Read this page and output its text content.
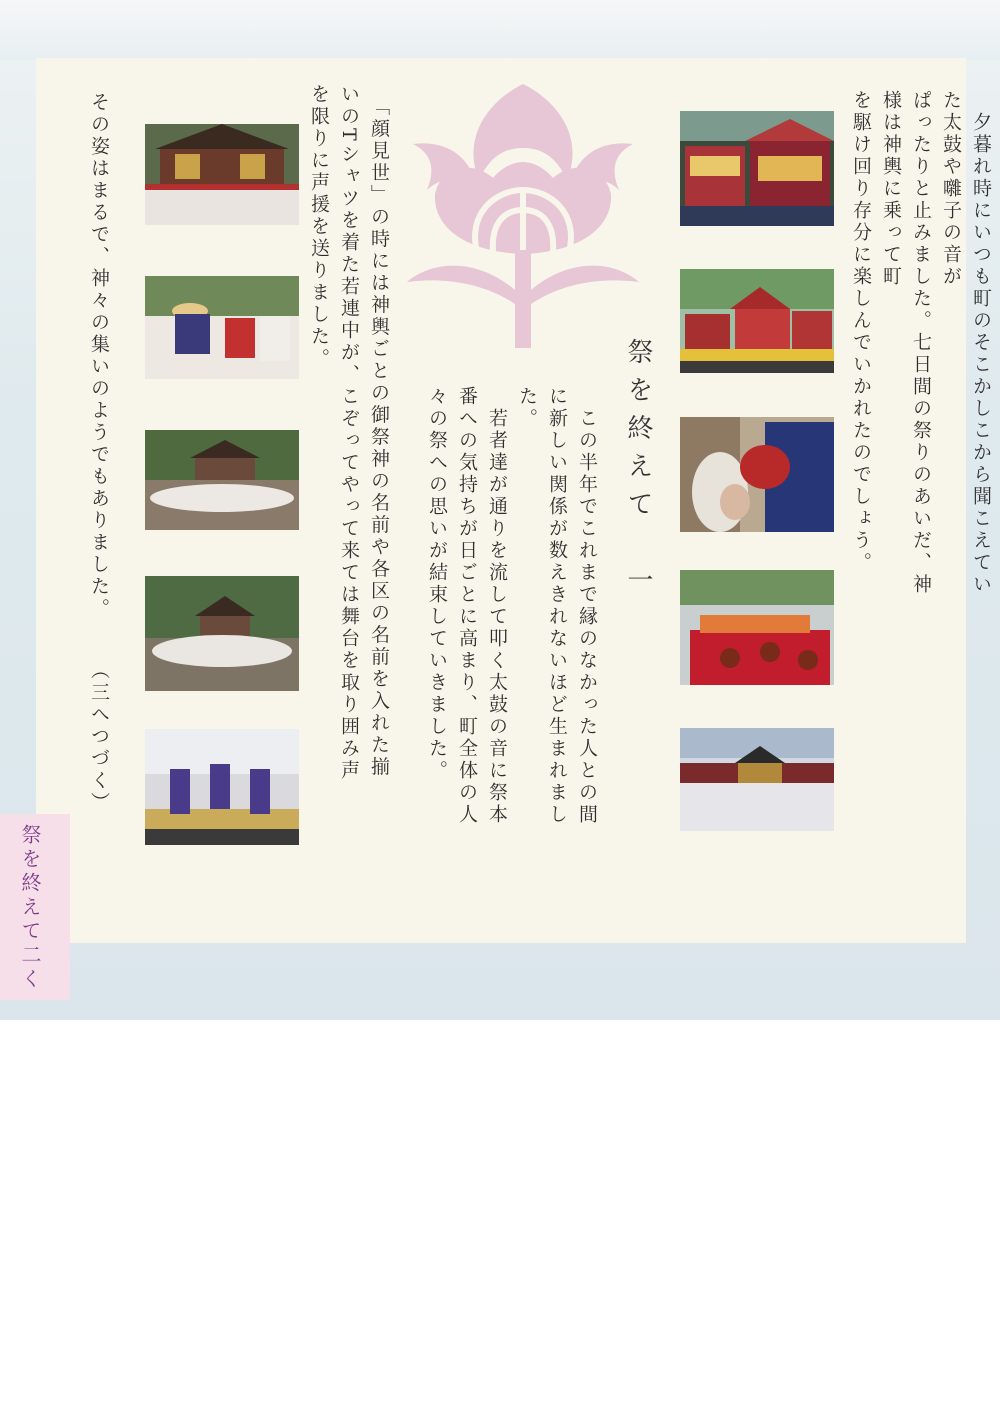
　夕暮れ時にいつも町のそこかしこから聞こえていた太鼓や囃子の音が
ぱったりと止みました。七日間の祭りのあいだ、神様は神輿に乗って町
を駆け回り存分に楽しんでいかれたのでしょう。
祭を終えて　一
　この半年でこれまで縁のなかった人との間
に新しい関係が数えきれないほど生まれまし
た。
　若者達が通りを流して叩く太鼓の音に祭本
番への気持ちが日ごとに高まり、町全体の人
々の祭への思いが結束していきました。
　「顔見世」の時には神輿ごとの御祭神の名前や各区の名前を入れた揃
いのTシャツを着た若連中が、こぞってやって来ては舞台を取り囲み声
を限りに声援を送りました。
その姿はまるで、神々の集いのようでもありました。（三へつづく）
祭を終えて二く
